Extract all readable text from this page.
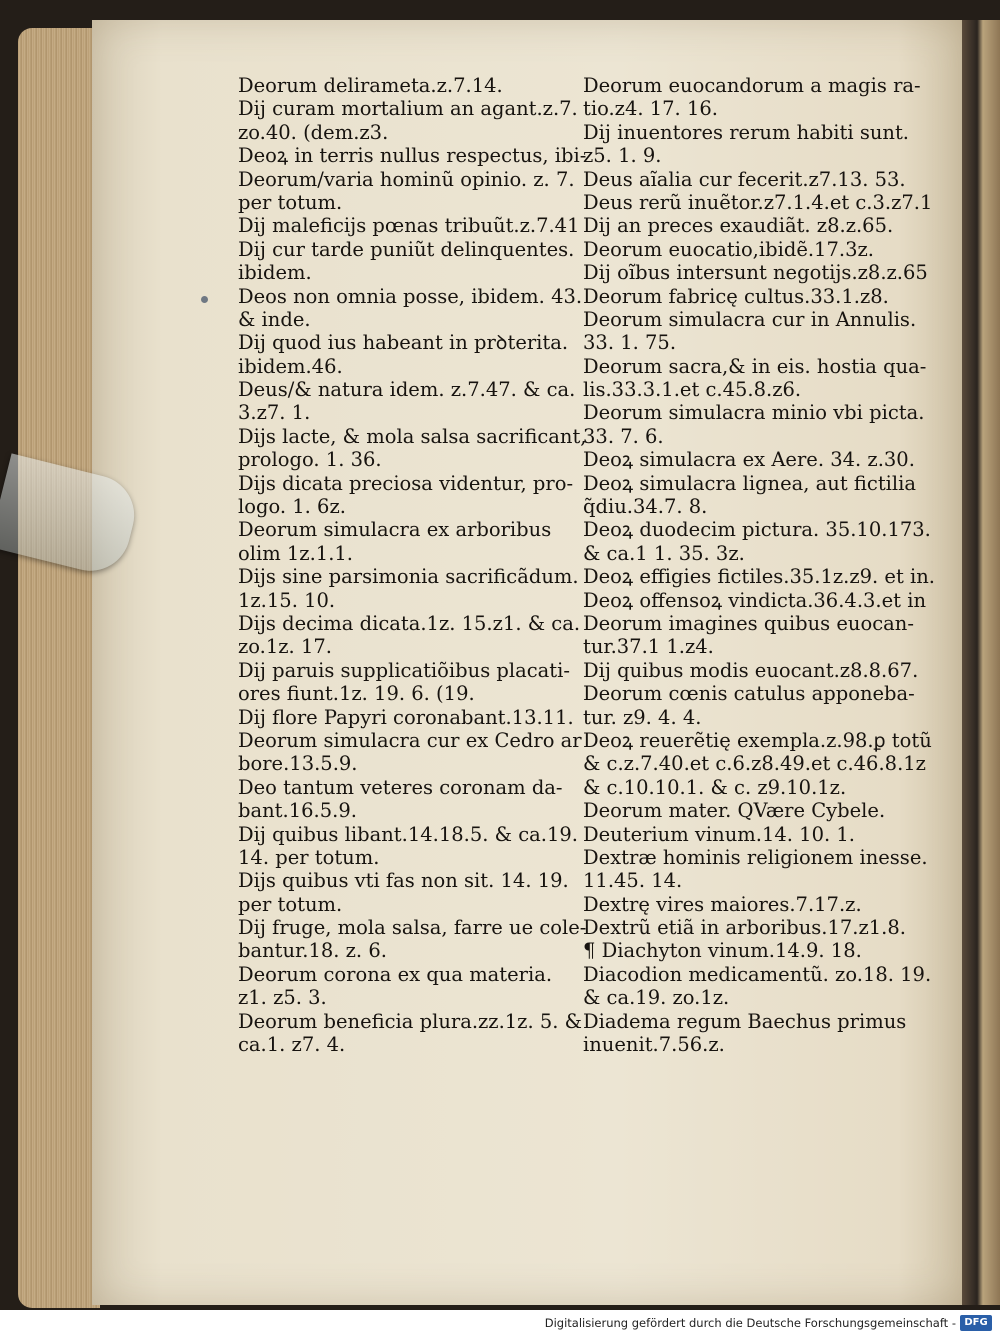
Deorum delirameta.z.7.14.
Dij curam mortalium an agant.z.7.
zo.40. (dem.z3.
Deoꝝ in terris nullus respectus, ibi-
Deorum/varia hominũ opinio. z. 7.
per totum.
Dij maleficijs pœnas tribuũt.z.7.41
Dij cur tarde puniũt delinquentes.
ibidem.
Deos non omnia posse, ibidem. 43.
& inde.
Dij quod ius habeant in prꝺterita.
ibidem.46.
Deus/& natura idem. z.7.47. & ca.
3.z7. 1.
Dijs lacte, & mola salsa sacrificant,
prologo. 1. 36.
Dijs dicata preciosa videntur, pro-
logo. 1. 6z.
Deorum simulacra ex arboribus
olim 1z.1.1.
Dijs sine parsimonia sacrificãdum.
1z.15. 10.
Dijs decima dicata.1z. 15.z1. & ca.
zo.1z. 17.
Dij paruis supplicatiõibus placati-
ores fiunt.1z. 19. 6. (19.
Dij flore Papyri coronabant.13.11.
Deorum simulacra cur ex Cedro ar
bore.13.5.9.
Deo tantum veteres coronam da-
bant.16.5.9.
Dij quibus libant.14.18.5. & ca.19.
14. per totum.
Dijs quibus vti fas non sit. 14. 19.
per totum.
Dij fruge, mola salsa, farre ue cole-
bantur.18. z. 6.
Deorum corona ex qua materia.
z1. z5. 3.
Deorum beneficia plura.zz.1z. 5. &
ca.1. z7. 4.
Deorum euocandorum a magis ra-
tio.z4. 17. 16.
Dij inuentores rerum habiti sunt.
z5. 1. 9.
Deus aĩalia cur fecerit.z7.13. 53.
Deus rerũ inuẽtor.z7.1.4.et c.3.z7.1
Dij an preces exaudiãt. z8.z.65.
Deorum euocatio,ibidẽ.17.3z.
Dij oĩbus intersunt negotijs.z8.z.65
Deorum fabricę cultus.33.1.z8.
Deorum simulacra cur in Annulis.
33. 1. 75.
Deorum sacra,& in eis. hostia qua-
lis.33.3.1.et c.45.8.z6.
Deorum simulacra minio vbi picta.
33. 7. 6.
Deoꝝ simulacra ex Aere. 34. z.30.
Deoꝝ simulacra lignea, aut fictilia
q̃diu.34.7. 8.
Deoꝝ duodecim pictura. 35.10.173.
& ca.1 1. 35. 3z.
Deoꝝ effigies fictiles.35.1z.z9. et in.
Deoꝝ offensoꝝ vindicta.36.4.3.et in
Deorum imagines quibus euocan-
tur.37.1 1.z4.
Dij quibus modis euocant.z8.8.67.
Deorum cœnis catulus apponeba-
tur. z9. 4. 4.
Deoꝝ reuerẽtię exempla.z.98.ꝑ totũ
& c.z.7.40.et c.6.z8.49.et c.46.8.1z
& c.10.10.1. & c. z9.10.1z.
Deorum mater. QVære Cybele.
Deuterium vinum.14. 10. 1.
Dextræ hominis religionem inesse.
11.45. 14.
Dextrę vires maiores.7.17.z.
Dextrũ etiã in arboribus.17.z1.8.
¶ Diachyton vinum.14.9. 18.
Diacodion medicamentũ. zo.18. 19.
& ca.19. zo.1z.
Diadema regum Baechus primus
inuenit.7.56.z.
Digitalisierung gefördert durch die Deutsche Forschungsgemeinschaft - DFG
